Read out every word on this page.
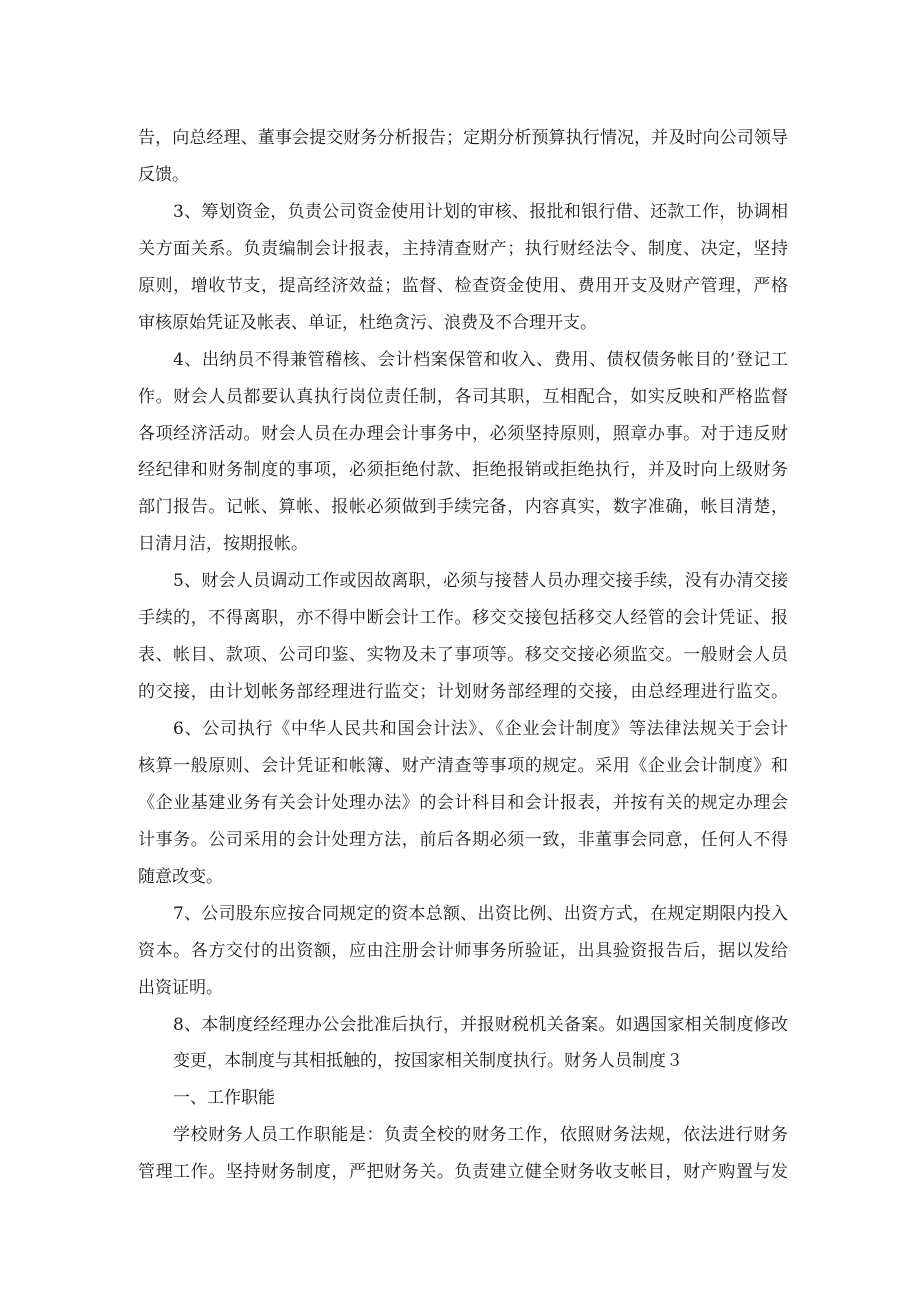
告，向总经理、董事会提交财务分析报告；定期分析预算执行情况，并及时向公司领导
反馈。
3、筹划资金，负责公司资金使用计划的审核、报批和银行借、还款工作，协调相
关方面关系。负责编制会计报表，主持清查财产；执行财经法令、制度、决定，坚持
原则，增收节支，提高经济效益；监督、检查资金使用、费用开支及财产管理，严格
审核原始凭证及帐表、单证，杜绝贪污、浪费及不合理开支。
4、出纳员不得兼管稽核、会计档案保管和收入、费用、债权债务帐目的’登记工
作。财会人员都要认真执行岗位责任制，各司其职，互相配合，如实反映和严格监督
各项经济活动。财会人员在办理会计事务中，必须坚持原则，照章办事。对于违反财
经纪律和财务制度的事项，必须拒绝付款、拒绝报销或拒绝执行，并及时向上级财务
部门报告。记帐、算帐、报帐必须做到手续完备，内容真实，数字准确，帐目清楚，
日清月洁，按期报帐。
5、财会人员调动工作或因故离职，必须与接替人员办理交接手续，没有办清交接
手续的，不得离职，亦不得中断会计工作。移交交接包括移交人经管的会计凭证、报
表、帐目、款项、公司印鉴、实物及未了事项等。移交交接必须监交。一般财会人员
的交接，由计划帐务部经理进行监交；计划财务部经理的交接，由总经理进行监交。
6、公司执行《中华人民共和国会计法》、《企业会计制度》等法律法规关于会计
核算一般原则、会计凭证和帐簿、财产清查等事项的规定。采用《企业会计制度》和
《企业基建业务有关会计处理办法》的会计科目和会计报表，并按有关的规定办理会
计事务。公司采用的会计处理方法，前后各期必须一致，非董事会同意，任何人不得
随意改变。
7、公司股东应按合同规定的资本总额、出资比例、出资方式，在规定期限内投入
资本。各方交付的出资额，应由注册会计师事务所验证，出具验资报告后，据以发给
出资证明。
8、本制度经经理办公会批准后执行，并报财税机关备案。如遇国家相关制度修改
变更，本制度与其相抵触的，按国家相关制度执行。财务人员制度３
一、工作职能
学校财务人员工作职能是：负责全校的财务工作，依照财务法规，依法进行财务
管理工作。坚持财务制度，严把财务关。负责建立健全财务收支帐目，财产购置与发
